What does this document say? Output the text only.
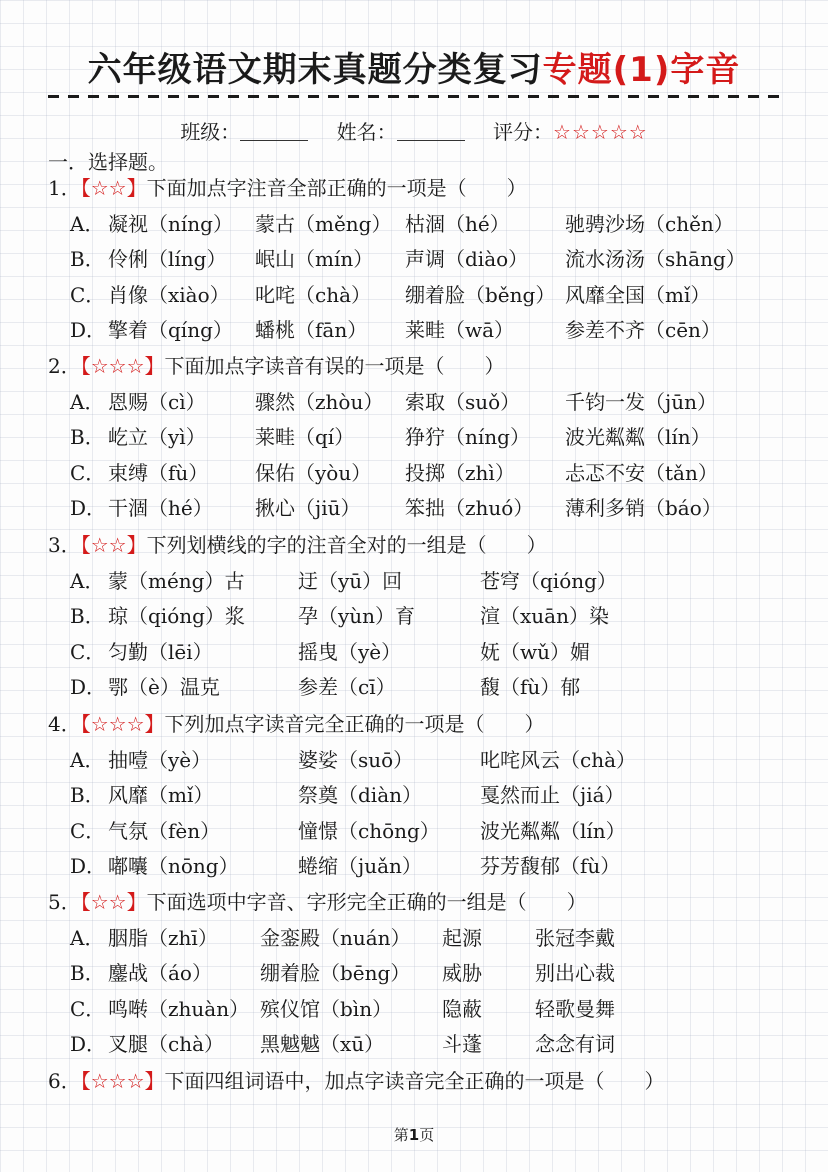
六年级语文期末真题分类复习专题(1)字音
班级：	姓名：	评分：☆☆☆☆☆
一．选择题。
1．【☆☆】下面加点字注音全部正确的一项是（　　）
A． 凝视（níng） 蒙古（měng） 枯涸（hé）	驰骋沙场（chěn）
B． 伶俐（líng） 岷山（mín） 声调（diào） 流水汤汤（shāng）
C． 肖像（xiào） 叱咤（chà） 绷着脸（běng） 风靡全国（mǐ）
D． 擎着（qíng） 蟠桃（fān） 莱畦（wā）	参差不齐（cēn）
2．【☆☆☆】下面加点字读音有误的一项是（　　）
A． 恩赐（cì） 骤然（zhòu） 索取（suǒ） 千钧一发（jūn）
B． 屹立（yì） 莱畦（qí）	狰狞（níng） 波光粼粼（lín）
C． 束缚（fù） 保佑（yòu） 投掷（zhì）	忐忑不安（tǎn）
D． 干涸（hé） 揪心（jiū） 笨拙（zhuó） 薄利多销（báo）
3．【☆☆】下列划横线的字的注音全对的一组是（　　）
A． 蒙（méng）古	迂（yū）回	苍穹（qióng）
B． 琼（qióng）浆	孕（yùn）育	渲（xuān）染
C． 匀勤（lēi）	摇曳（yè）	妩（wǔ）媚
D． 鄂（è）温克	参差（cī）	馥（fù）郁
4．【☆☆☆】下列加点字读音完全正确的一项是（　　）
A． 抽噎（yè）	婆娑（suō）	叱咤风云（chà）
B． 风靡（mǐ）	祭奠（diàn）	戛然而止（jiá）
C． 气氛（fèn）	憧憬（chōng） 波光粼粼（lín）
D． 嘟囔（nōng）	蜷缩（juǎn）	芬芳馥郁（fù）
5．【☆☆】下面选项中字音、字形完全正确的一组是（　　）
A． 胭脂（zhī） 金銮殿（nuán） 起源	张冠李戴
B． 鏖战（áo） 绷着脸（bēng） 威胁	别出心裁
C． 鸣啭（zhuàn） 殡仪馆（bìn） 隐蔽	轻歌曼舞
D． 叉腿（chà） 黑魆魆（xū）	斗蓬	念念有词
6．【☆☆☆】下面四组词语中，加点字读音完全正确的一项是（　　）
第1页
